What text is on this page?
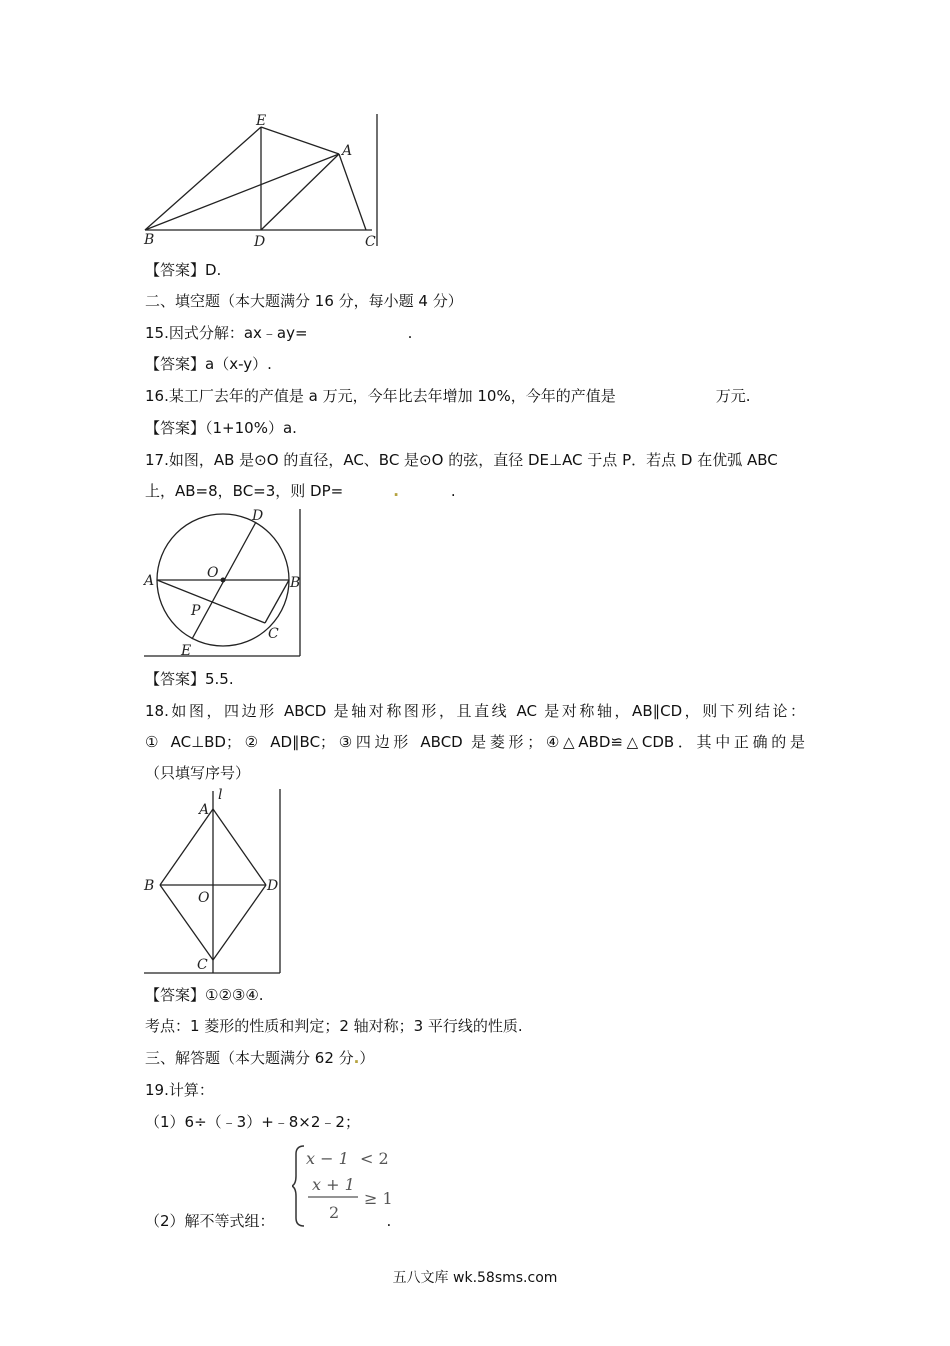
E
A
B	D	C
【答案】D.
二、填空题（本大题满分 16 分，每小题 4 分）
15.因式分解：ax﹣ay=	.
【答案】a（x-y）.
16.某工厂去年的产值是 a 万元，今年比去年增加 10%，今年的产值是	万元.
【答案】（1+10%）a.
17.如图，AB 是⊙O 的直径，AC、BC 是⊙O 的弦，直径 DE⊥AC 于点 P．若点 D 在优弧 ABC
上，AB=8，BC=3，则 DP=	.	.
D
O
A	B
P
C
E
【答案】5.5.
18.如图，四边形 ABCD 是轴对称图形，且直线 AC 是对称轴，AB∥CD，则下列结论：
① AC⊥BD；② AD∥BC；③四边形 ABCD 是菱形；④△ABD≌△CDB．其中正确的是
（只填写序号）
l
A
B
O
D
C
【答案】①②③④.
考点：1 菱形的性质和判定；2 轴对称；3 平行线的性质.
三、解答题（本大题满分 62 分.）
19.计算：
（1）6÷（﹣3）+﹣8×2﹣2；
x − 1 < 2
x + 1
2
≥ 1
（2）解不等式组：	.
五八文库 wk.58sms.com
